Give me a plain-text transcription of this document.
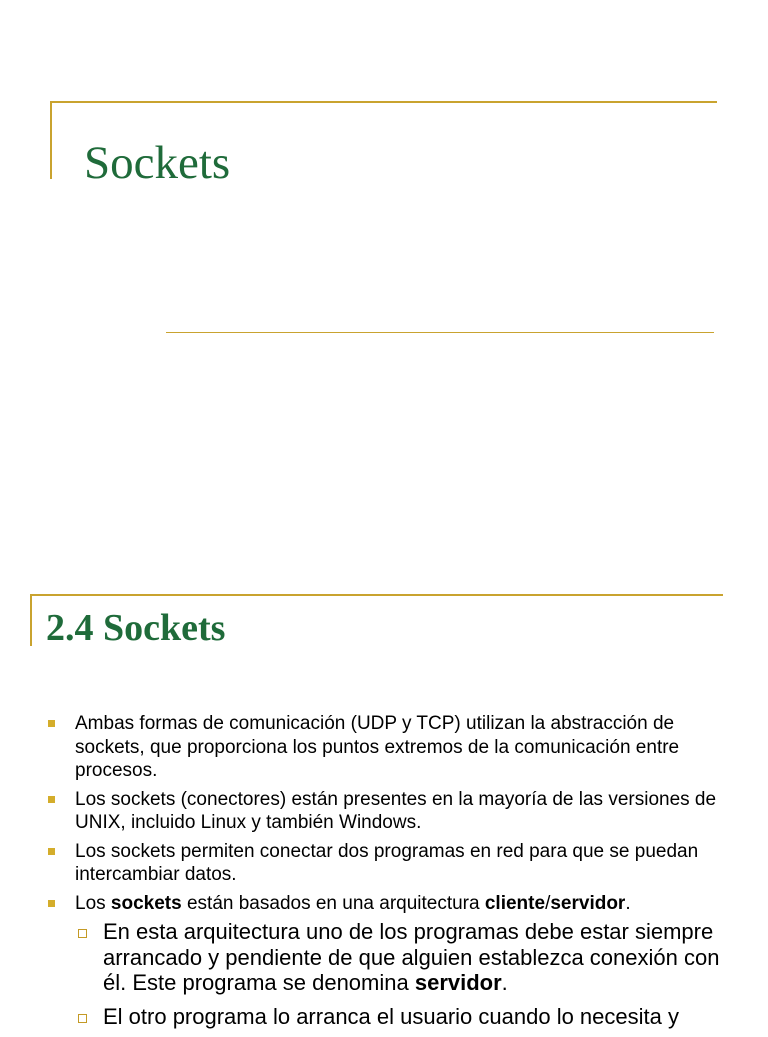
Sockets
2.4 Sockets
Ambas formas de comunicación (UDP y TCP) utilizan la abstracción de sockets, que proporciona los puntos extremos de la comunicación entre procesos.
Los sockets (conectores) están presentes en la mayoría de las versiones de UNIX, incluido Linux y también Windows.
Los sockets permiten conectar dos programas en red para que se puedan intercambiar datos.
Los sockets están basados en una arquitectura cliente/servidor.
En esta arquitectura uno de los programas debe estar siempre arrancado y pendiente de que alguien establezca conexión con él. Este programa se denomina servidor.
El otro programa lo arranca el usuario cuando lo necesita y
